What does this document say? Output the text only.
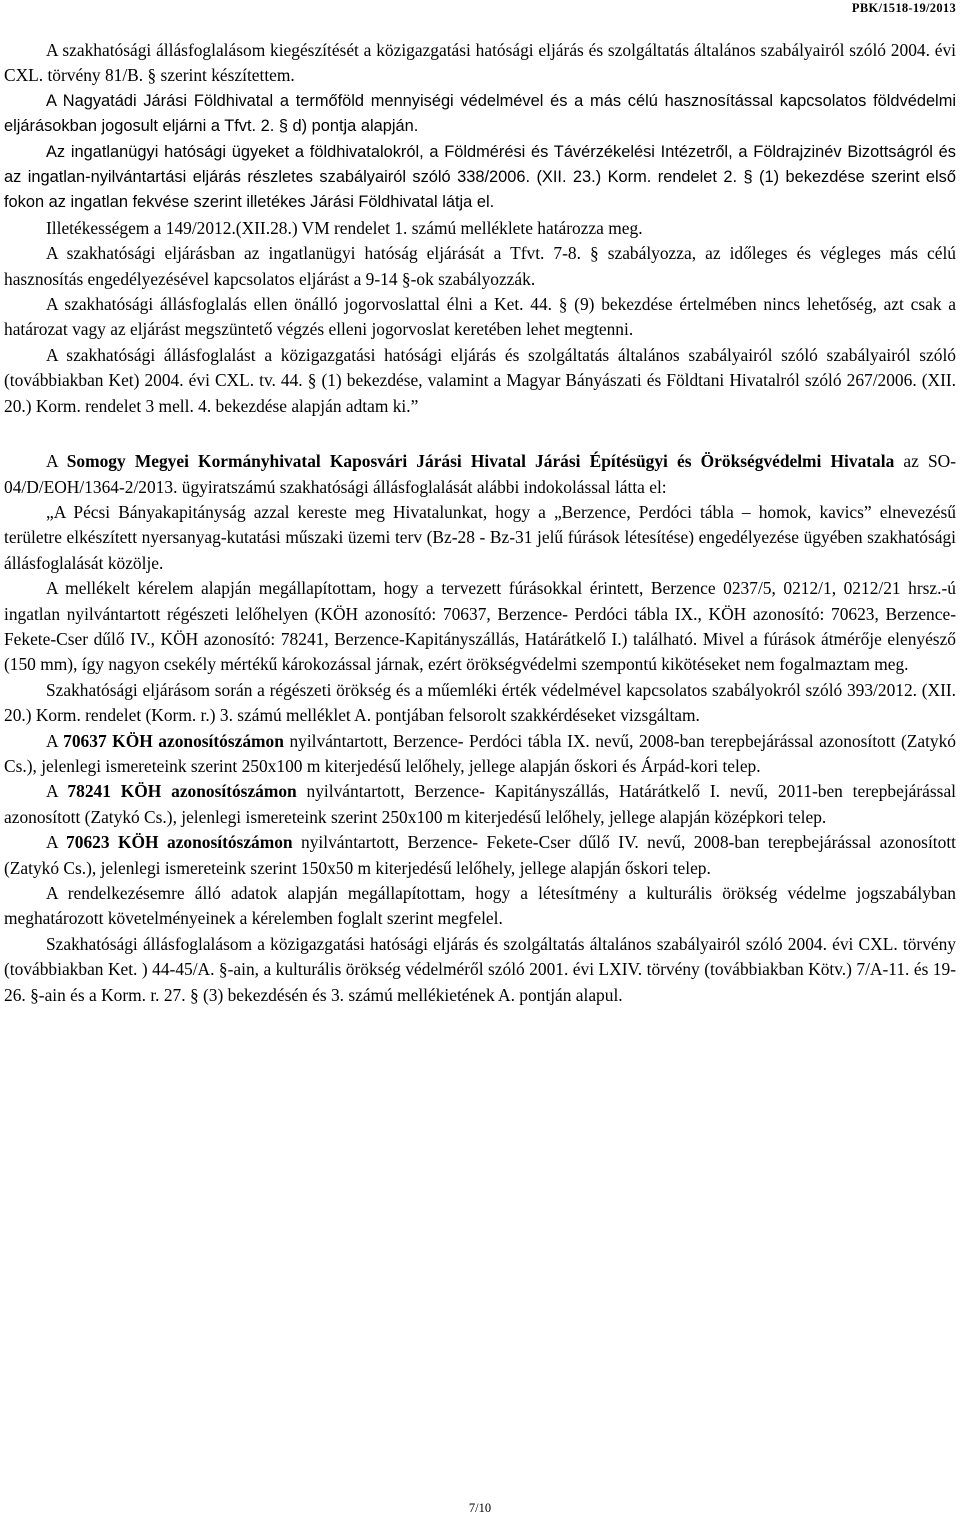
PBK/1518-19/2013

A szakhatósági állásfoglalásom kiegészítését a közigazgatási hatósági eljárás és szolgáltatás általános szabályairól szóló 2004. évi CXL. törvény 81/B. § szerint készítettem.

A Nagyatádi Járási Földhivatal a termőföld mennyiségi védelmével és a más célú hasznosítással kapcsolatos földvédelmi eljárásokban jogosult eljárni a Tfvt. 2. § d) pontja alapján.

Az ingatlanügyi hatósági ügyeket a földhivatalokról, a Földmérési és Távérzékelési Intézetről, a Földrajzinév Bizottságról és az ingatlan-nyilvántartási eljárás részletes szabályairól szóló 338/2006. (XII. 23.) Korm. rendelet 2. § (1) bekezdése szerint első fokon az ingatlan fekvése szerint illetékes Járási Földhivatal látja el.

Illetékességem a 149/2012.(XII.28.) VM rendelet 1. számú melléklete határozza meg.

A szakhatósági eljárásban az ingatlanügyi hatóság eljárását a Tfvt. 7-8. § szabályozza, az időleges és végleges más célú hasznosítás engedélyezésével kapcsolatos eljárást a 9-14 §-ok szabályozzák.

A szakhatósági állásfoglalás ellen önálló jogorvoslattal élni a Ket. 44. § (9) bekezdése értelmében nincs lehetőség, azt csak a határozat vagy az eljárást megszüntető végzés elleni jogorvoslat keretében lehet megtenni.

A szakhatósági állásfoglalást a közigazgatási hatósági eljárás és szolgáltatás általános szabályairól szóló szabályairól szóló (továbbiakban Ket) 2004. évi CXL. tv. 44. § (1) bekezdése, valamint a Magyar Bányászati és Földtani Hivatalról szóló 267/2006. (XII. 20.) Korm. rendelet 3 mell. 4. bekezdése alapján adtam ki.”

A Somogy Megyei Kormányhivatal Kaposvári Járási Hivatal Járási Építésügyi és Örökségvédelmi Hivatala az SO-04/D/EOH/1364-2/2013. ügyiratszámú szakhatósági állásfoglalását alábbi indokolással látta el:

„A Pécsi Bányakapitányság azzal kereste meg Hivatalunkat, hogy a „Berzence, Perdóci tábla – homok, kavics” elnevezésű területre elkészített nyersanyag-kutatási műszaki üzemi terv (Bz-28 - Bz-31 jelű fúrások létesítése) engedélyezése ügyében szakhatósági állásfoglalását közölje.

A mellékelt kérelem alapján megállapítottam, hogy a tervezett fúrásokkal érintett, Berzence 0237/5, 0212/1, 0212/21 hrsz.-ú ingatlan nyilvántartott régészeti lelőhelyen (KÖH azonosító: 70637, Berzence- Perdóci tábla IX., KÖH azonosító: 70623, Berzence-Fekete-Cser dűlő IV., KÖH azonosító: 78241, Berzence-Kapitányszállás, Határátkelő I.) található. Mivel a fúrások átmérője elenyésző (150 mm), így nagyon csekély mértékű károkozással járnak, ezért örökségvédelmi szempontú kikötéseket nem fogalmaztam meg.

Szakhatósági eljárásom során a régészeti örökség és a műemléki érték védelmével kapcsolatos szabályokról szóló 393/2012. (XII. 20.) Korm. rendelet (Korm. r.) 3. számú melléklet A. pontjában felsorolt szakkérdéseket vizsgáltam.

A 70637 KÖH azonosítószámon nyilvántartott, Berzence- Perdóci tábla IX. nevű, 2008-ban terepbejárással azonosított (Zatykó Cs.), jelenlegi ismereteink szerint 250x100 m kiterjedésű lelőhely, jellege alapján őskori és Árpád-kori telep.

A 78241 KÖH azonosítószámon nyilvántartott, Berzence- Kapitányszállás, Határátkelő I. nevű, 2011-ben terepbejárással azonosított (Zatykó Cs.), jelenlegi ismereteink szerint 250x100 m kiterjedésű lelőhely, jellege alapján középkori telep.

A 70623 KÖH azonosítószámon nyilvántartott, Berzence- Fekete-Cser dűlő IV. nevű, 2008-ban terepbejárással azonosított (Zatykó Cs.), jelenlegi ismereteink szerint 150x50 m kiterjedésű lelőhely, jellege alapján őskori telep.

A rendelkezésemre álló adatok alapján megállapítottam, hogy a létesítmény a kulturális örökség védelme jogszabályban meghatározott követelményeinek a kérelemben foglalt szerint megfelel.

Szakhatósági állásfoglalásom a közigazgatási hatósági eljárás és szolgáltatás általános szabályairól szóló 2004. évi CXL. törvény (továbbiakban Ket. ) 44-45/A. §-ain, a kulturális örökség védelméről szóló 2001. évi LXIV. törvény (továbbiakban Kötv.) 7/A-11. és 19-26. §-ain és a Korm. r. 27. § (3) bekezdésén és 3. számú mellékietének A. pontján alapul.

7/10
